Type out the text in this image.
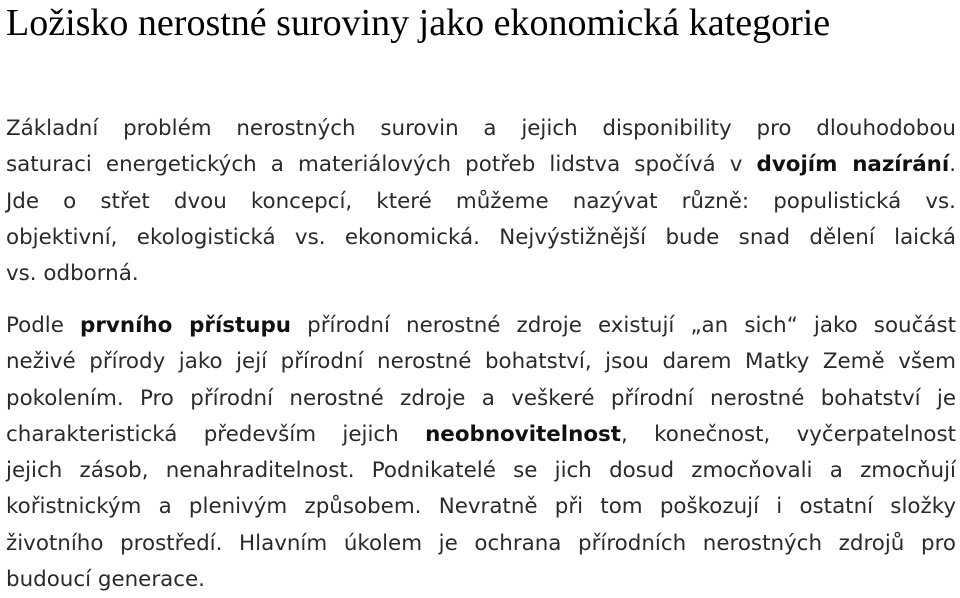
Ložisko nerostné suroviny jako ekonomická kategorie
Základní problém nerostných surovin a jejich disponibility pro dlouhodobou
saturaci energetických a materiálových potřeb lidstva spočívá v dvojím nazírání.
Jde o střet dvou koncepcí, které můžeme nazývat různě: populistická vs.
objektivní, ekologistická vs. ekonomická. Nejvýstižnější bude snad dělení laická
vs. odborná.
Podle prvního přístupu přírodní nerostné zdroje existují „an sich“ jako součást
neživé přírody jako její přírodní nerostné bohatství, jsou darem Matky Země všem
pokolením. Pro přírodní nerostné zdroje a veškeré přírodní nerostné bohatství je
charakteristická především jejich neobnovitelnost, konečnost, vyčerpatelnost
jejich zásob, nenahraditelnost. Podnikatelé se jich dosud zmocňovali a zmocňují
kořistnickým a plenivým způsobem. Nevratně při tom poškozují i ostatní složky
životního prostředí. Hlavním úkolem je ochrana přírodních nerostných zdrojů pro
budoucí generace.
